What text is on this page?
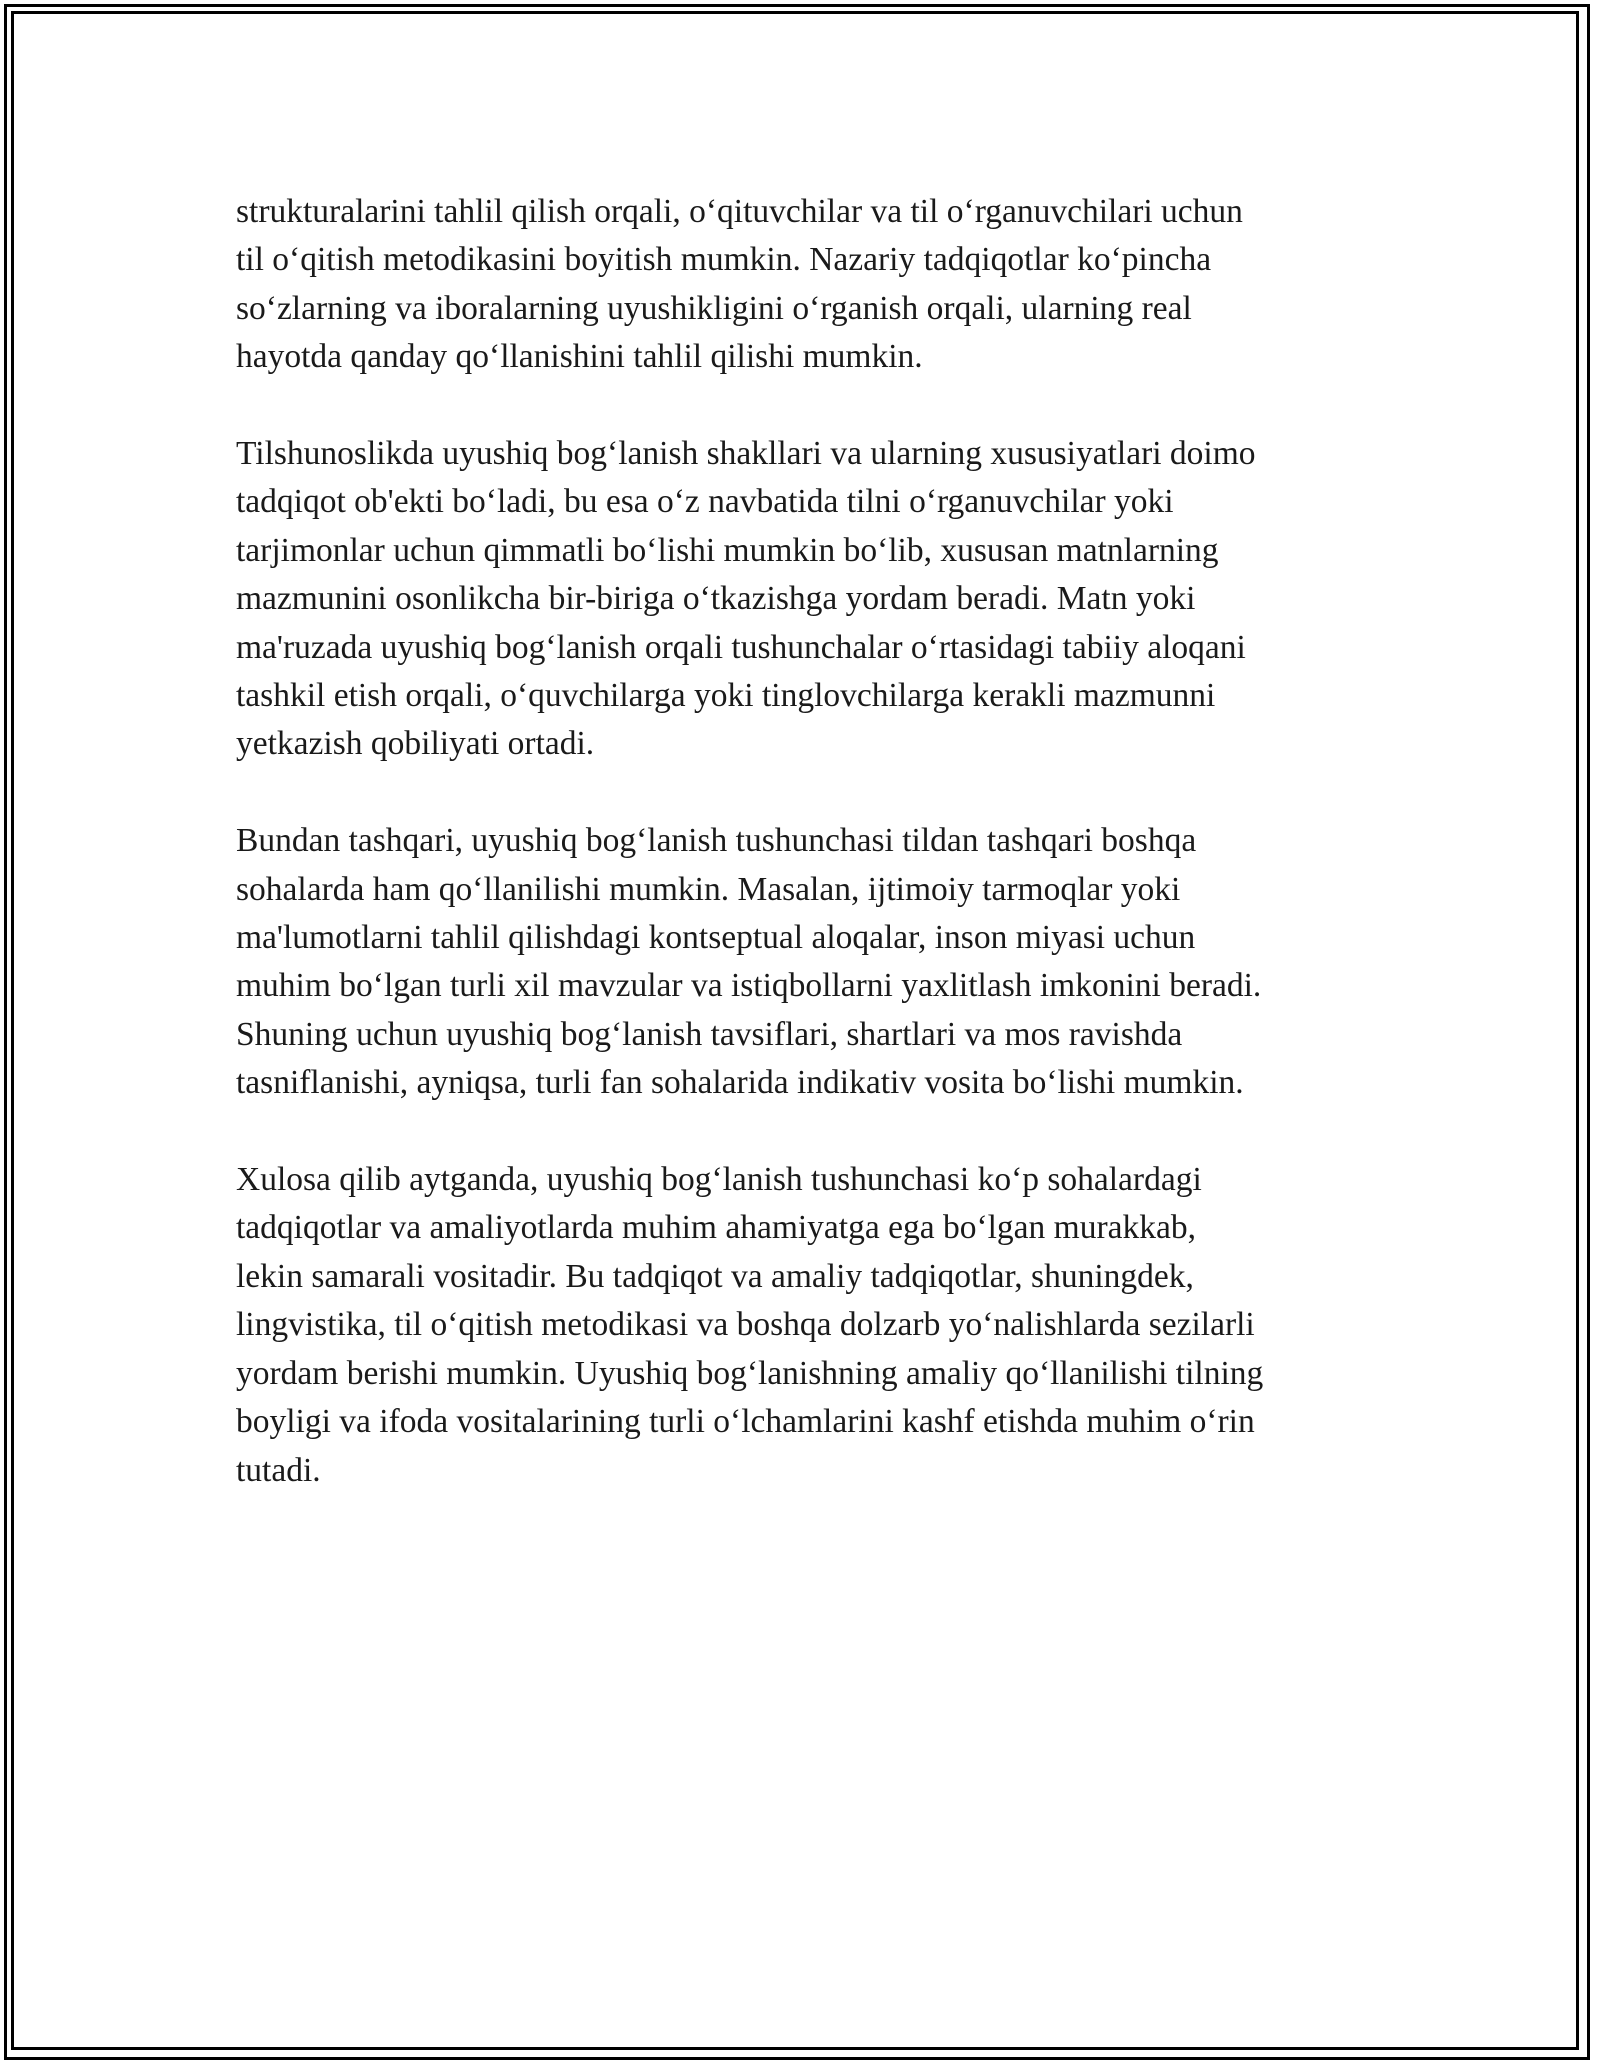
strukturalarini tahlil qilish orqali, o‘qituvchilar va til o‘rganuvchilari uchun
til o‘qitish metodikasini boyitish mumkin. Nazariy tadqiqotlar ko‘pincha
so‘zlarning va iboralarning uyushikligini o‘rganish orqali, ularning real
hayotda qanday qo‘llanishini tahlil qilishi mumkin.

Tilshunoslikda uyushiq bog‘lanish shakllari va ularning xususiyatlari doimo
tadqiqot ob'ekti bo‘ladi, bu esa o‘z navbatida tilni o‘rganuvchilar yoki
tarjimonlar uchun qimmatli bo‘lishi mumkin bo‘lib, xususan matnlarning
mazmunini osonlikcha bir-biriga o‘tkazishga yordam beradi. Matn yoki
ma'ruzada uyushiq bog‘lanish orqali tushunchalar o‘rtasidagi tabiiy aloqani
tashkil etish orqali, o‘quvchilarga yoki tinglovchilarga kerakli mazmunni
yetkazish qobiliyati ortadi.

Bundan tashqari, uyushiq bog‘lanish tushunchasi tildan tashqari boshqa
sohalarda ham qo‘llanilishi mumkin. Masalan, ijtimoiy tarmoqlar yoki
ma'lumotlarni tahlil qilishdagi kontseptual aloqalar, inson miyasi uchun
muhim bo‘lgan turli xil mavzular va istiqbollarni yaxlitlash imkonini beradi.
Shuning uchun uyushiq bog‘lanish tavsiflari, shartlari va mos ravishda
tasniflanishi, ayniqsa, turli fan sohalarida indikativ vosita bo‘lishi mumkin.

Xulosa qilib aytganda, uyushiq bog‘lanish tushunchasi ko‘p sohalardagi
tadqiqotlar va amaliyotlarda muhim ahamiyatga ega bo‘lgan murakkab,
lekin samarali vositadir. Bu tadqiqot va amaliy tadqiqotlar, shuningdek,
lingvistika, til o‘qitish metodikasi va boshqa dolzarb yo‘nalishlarda sezilarli
yordam berishi mumkin. Uyushiq bog‘lanishning amaliy qo‘llanilishi tilning
boyligi va ifoda vositalarining turli o‘lchamlarini kashf etishda muhim o‘rin
tutadi.
